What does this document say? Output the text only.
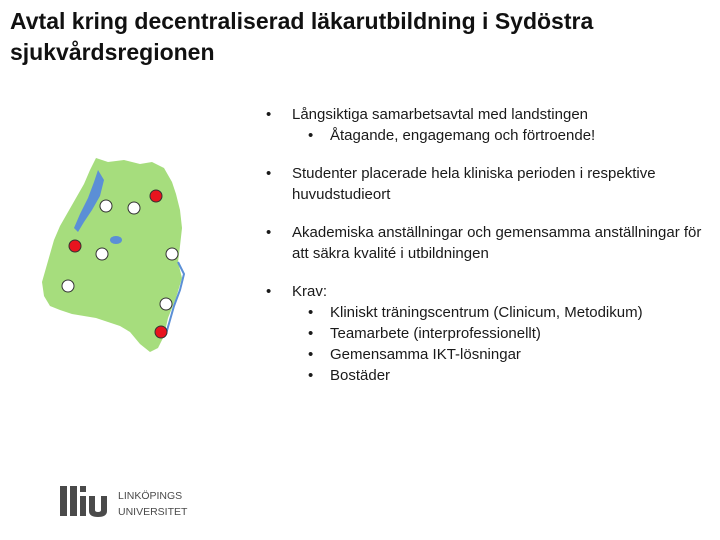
Avtal kring decentraliserad läkarutbildning i Sydöstra sjukvårdsregionen
•	Långsiktiga samarbetsavtal med landstingen
•	Åtagande, engagemang och förtroende!
•	Studenter placerade hela kliniska perioden i respektive huvudstudieort
•	Akademiska anställningar och gemensamma anställningar för att säkra kvalité i utbildningen
•	Krav:
•	Kliniskt träningscentrum (Clinicum, Metodikum)
•	Teamarbete (interprofessionellt)
•	Gemensamma IKT-lösningar
•	Bostäder
LINKÖPINGS
UNIVERSITET
